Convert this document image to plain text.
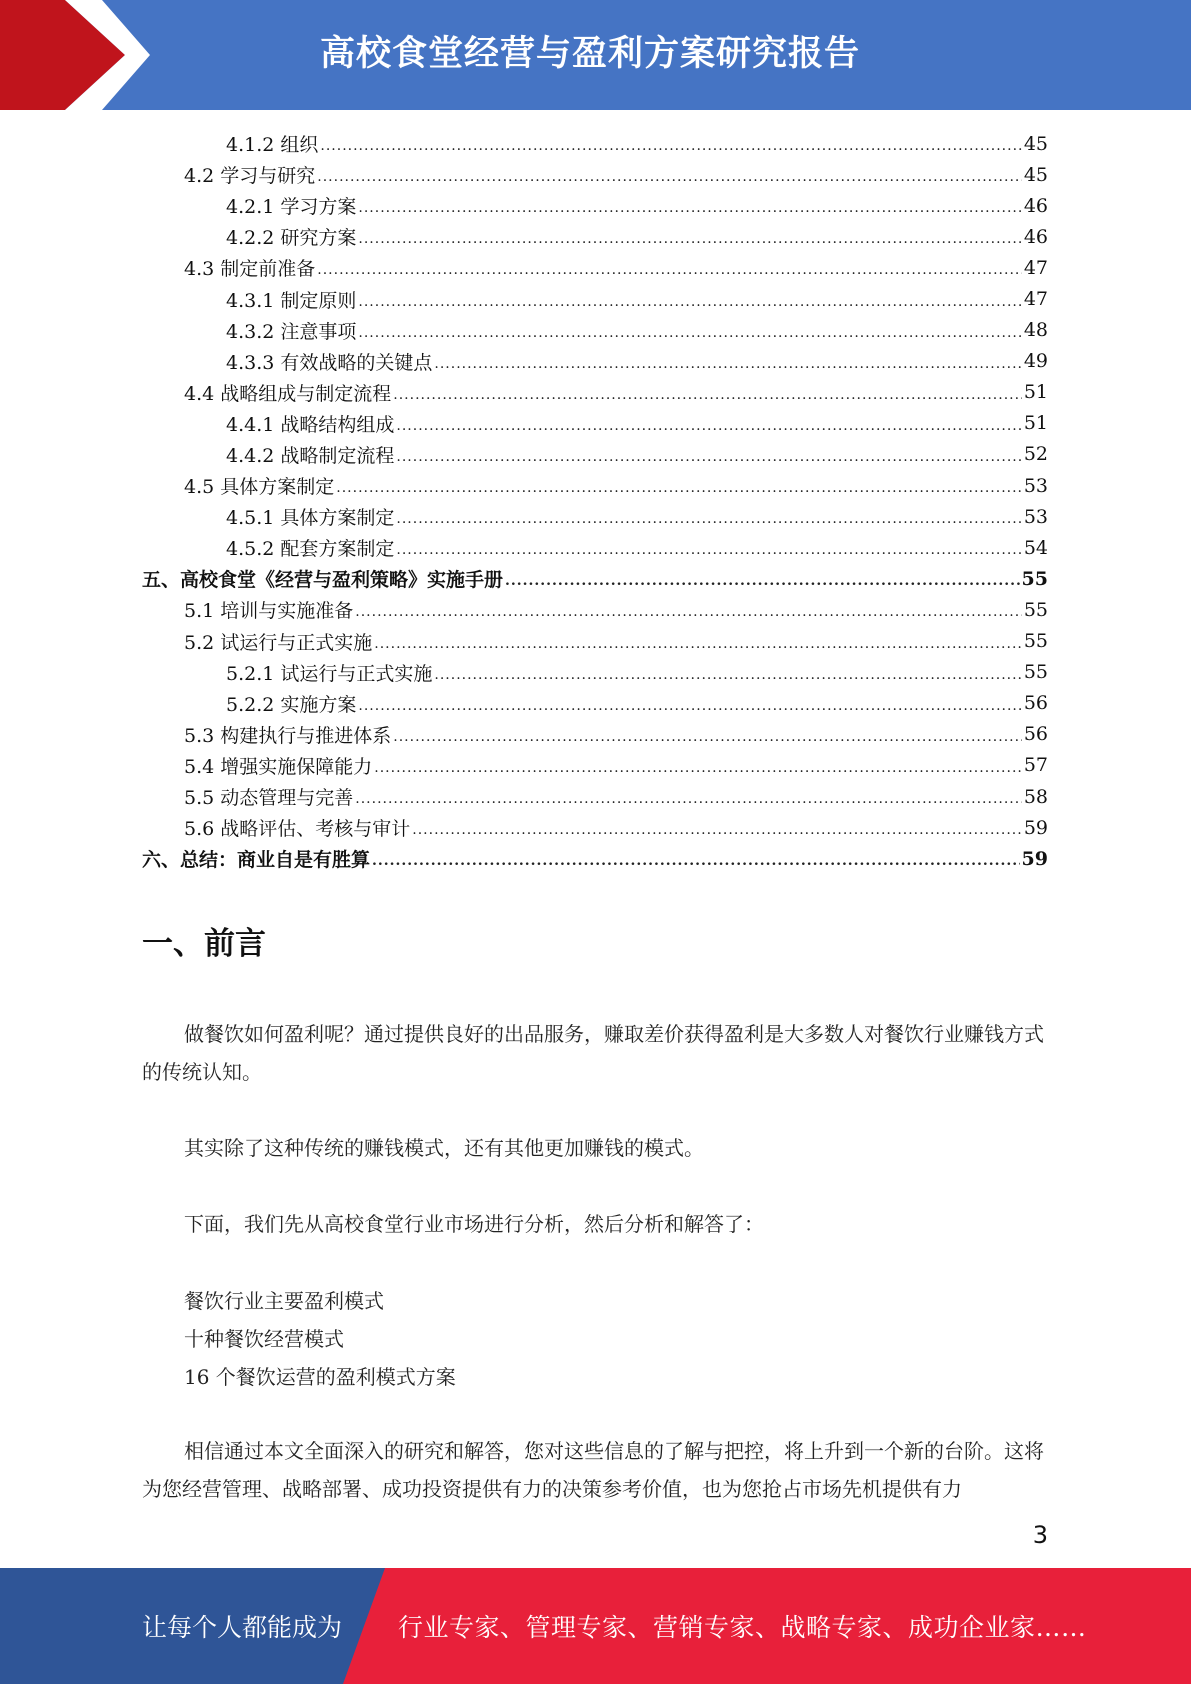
高校食堂经营与盈利方案研究报告
4.1.2 组织 .....	45
4.2 学习与研究 .....	45
4.2.1 学习方案 .....	46
4.2.2 研究方案 .....	46
4.3 制定前准备 .....	47
4.3.1 制定原则 .....	47
4.3.2 注意事项 .....	48
4.3.3 有效战略的关键点 .....	49
4.4 战略组成与制定流程 .....	51
4.4.1 战略结构组成 .....	51
4.4.2 战略制定流程 .....	52
4.5 具体方案制定 .....	53
4.5.1 具体方案制定 .....	53
4.5.2 配套方案制定 .....	54
五、高校食堂《经营与盈利策略》实施手册 .....	55
5.1 培训与实施准备 .....	55
5.2 试运行与正式实施 .....	55
5.2.1 试运行与正式实施 .....	55
5.2.2 实施方案 .....	56
5.3 构建执行与推进体系 .....	56
5.4 增强实施保障能力 .....	57
5.5 动态管理与完善 .....	58
5.6 战略评估、考核与审计 .....	59
六、总结：商业自是有胜算 .....	59
一、前言
做餐饮如何盈利呢？通过提供良好的出品服务，赚取差价获得盈利是大多数人对餐饮行业赚钱方式的传统认知。
其实除了这种传统的赚钱模式，还有其他更加赚钱的模式。
下面，我们先从高校食堂行业市场进行分析，然后分析和解答了：
餐饮行业主要盈利模式
十种餐饮经营模式
16 个餐饮运营的盈利模式方案
相信通过本文全面深入的研究和解答，您对这些信息的了解与把控，将上升到一个新的台阶。这将为您经营管理、战略部署、成功投资提供有力的决策参考价值，也为您抢占市场先机提供有力
3
让每个人都能成为 行业专家、管理专家、营销专家、战略专家、成功企业家……
